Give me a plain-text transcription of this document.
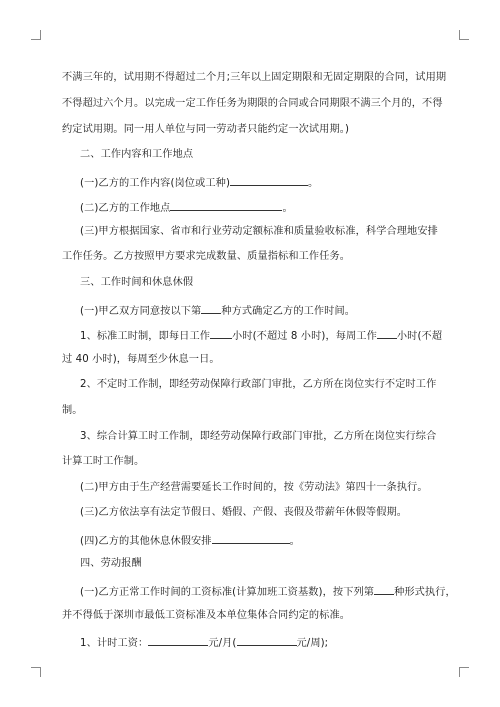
不满三年的，试用期不得超过二个月;三年以上固定期限和无固定期限的合同，试用期
不得超过六个月。以完成一定工作任务为期限的合同或合同期限不满三个月的，不得
约定试用期。同一用人单位与同一劳动者只能约定一次试用期。)
二、工作内容和工作地点
(一)乙方的工作内容(岗位或工种)	。
(二)乙方的工作地点	。
(三)甲方根据国家、省市和行业劳动定额标准和质量验收标准，科学合理地安排
工作任务。乙方按照甲方要求完成数量、质量指标和工作任务。
三、工作时间和休息休假
(一)甲乙双方同意按以下第 种方式确定乙方的工作时间。
1、标准工时制，即每日工作 小时(不超过 8 小时)，每周工作 小时(不超
过 40 小时)，每周至少休息一日。
2、不定时工作制，即经劳动保障行政部门审批，乙方所在岗位实行不定时工作
制。
3、综合计算工时工作制，即经劳动保障行政部门审批，乙方所在岗位实行综合
计算工时工作制。
(二)甲方由于生产经营需要延长工作时间的，按《劳动法》第四十一条执行。
(三)乙方依法享有法定节假日、婚假、产假、丧假及带薪年休假等假期。
(四)乙方的其他休息休假安排	。
四、劳动报酬
(一)乙方正常工作时间的工资标准(计算加班工资基数)，按下列第 种形式执行，
并不得低于深圳市最低工资标准及本单位集体合同约定的标准。
1、计时工资：	元/月(	元/周);
